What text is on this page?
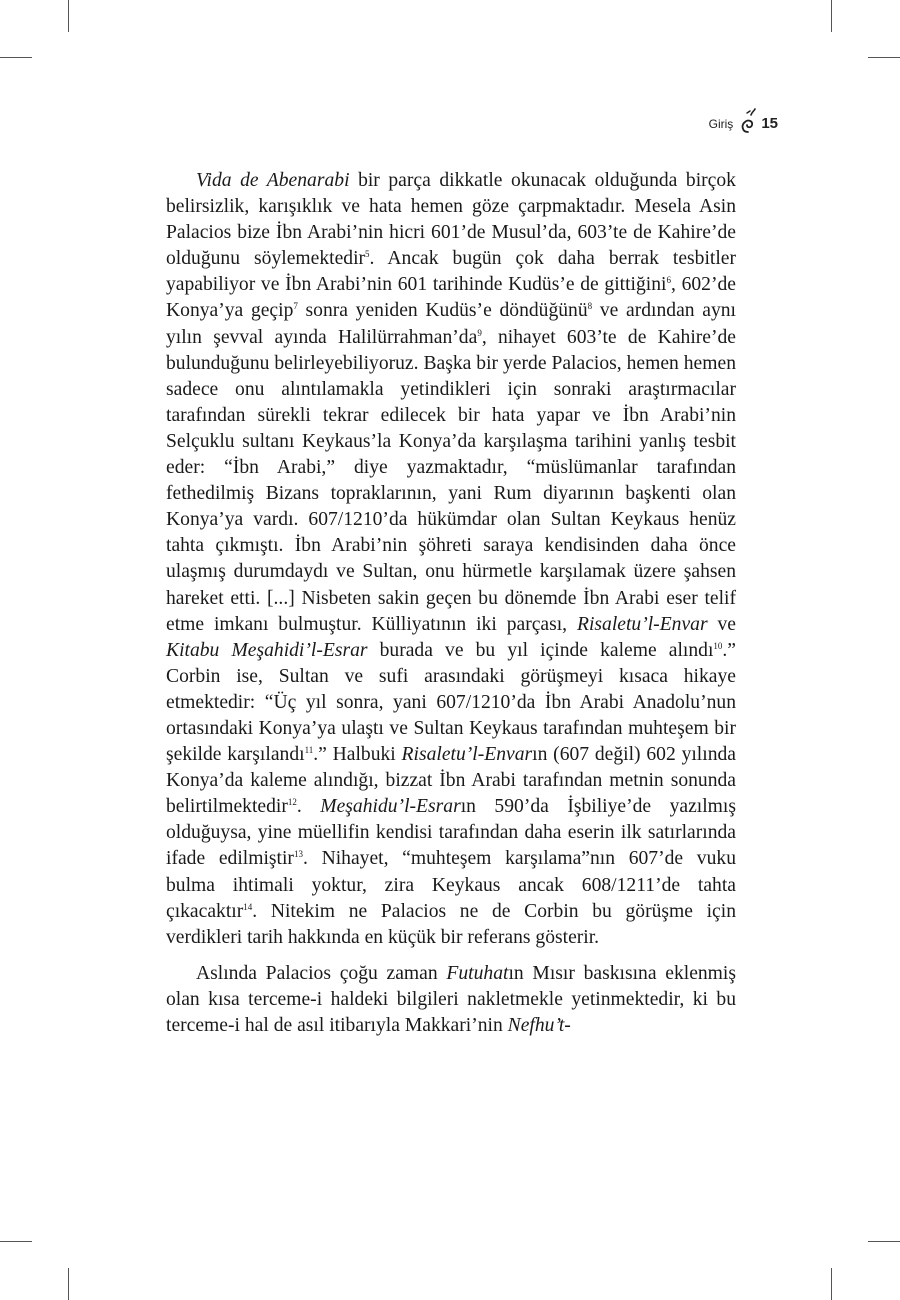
Giriş 15

Vida de Abenarabi bir parça dikkatle okunacak olduğunda birçok belirsizlik, karışıklık ve hata hemen göze çarpmaktadır. Mesela Asin Palacios bize İbn Arabi’nin hicri 601’de Musul’da, 603’te de Kahire’de olduğunu söylemektedir$^5$. Ancak bugün çok daha berrak tesbitler yapabiliyor ve İbn Arabi’nin 601 tarihinde Kudüs’e de gittiğini$^6$, 602’de Konya’ya geçip$^7$ sonra yeniden Kudüs’e döndüğünü$^8$ ve ardından aynı yılın şevval ayında $Halilürrahman’da^9$, nihayet 603’te de Kahire’de bulunduğunu belirleyebiliyoruz. Başka bir yerde Palacios, hemen hemen sadece onu alıntılamakla yetindikleri için sonraki araştırmacılar tarafından sürekli tekrar edilecek bir hata yapar ve İbn Arabi’nin Selçuklu sultanı Keykaus’la Konya’da karşılaşma tarihini yanlış tesbit eder: “İbn Arabi,” diye yazmaktadır, “müslümanlar tarafından fethedilmiş Bizans topraklarının, yani Rum diyarının başkenti olan Konya’ya vardı. 607/1210’da hükümdar olan Sultan Keykaus henüz tahta çıkmıştı. İbn Arabi’nin şöhreti saraya kendisinden daha önce ulaşmış durumdaydı ve Sultan, onu hürmetle karşılamak üzere şahsen hareket etti. [...] Nisbeten sakin geçen bu dönemde İbn Arabi eser telif etme imkanı bulmuştur. Külliyatının iki parçası, Risaletu’l-Envar ve Kitabu Meşahidi’l-Esrar burada ve bu yıl içinde kaleme alındı$^{10}$.” Corbin ise, Sultan ve sufi arasındaki görüşmeyi kısaca hikaye etmektedir: “Üç yıl sonra, yani 607/1210’da İbn Arabi Anadolu’nun ortasındaki Konya’ya ulaştı ve Sultan Keykaus tarafından muhteşem bir şekilde karşılandı$^{11}$.” Halbuki Risaletu’l-Envarın (607 değil) 602 yılında Konya’da kaleme alındığı, bizzat İbn Arabi tarafından metnin sonunda belirtilmektedir$^{12}$. Meşahidu’l-Esrarın 590’da İşbiliye’de yazılmış olduğuysa, yine müellifin kendisi tarafından daha eserin ilk satırlarında ifade edilmiştir$^{13}$. Nihayet, “muhteşem karşılama”nın 607’de vuku bulma ihtimali yoktur, zira Keykaus ancak 608/1211’de tahta çıkacaktır$^{14}$. Nitekim ne Palacios ne de Corbin bu görüşme için verdikleri tarih hakkında en küçük bir referans gösterir.

Aslında Palacios çoğu zaman Futuhatın Mısır baskısına eklenmiş olan kısa terceme-i haldeki bilgileri nakletmekle yetinmektedir, ki bu terceme-i hal de asıl itibarıyla Makkari’nin Nefhu’t-
